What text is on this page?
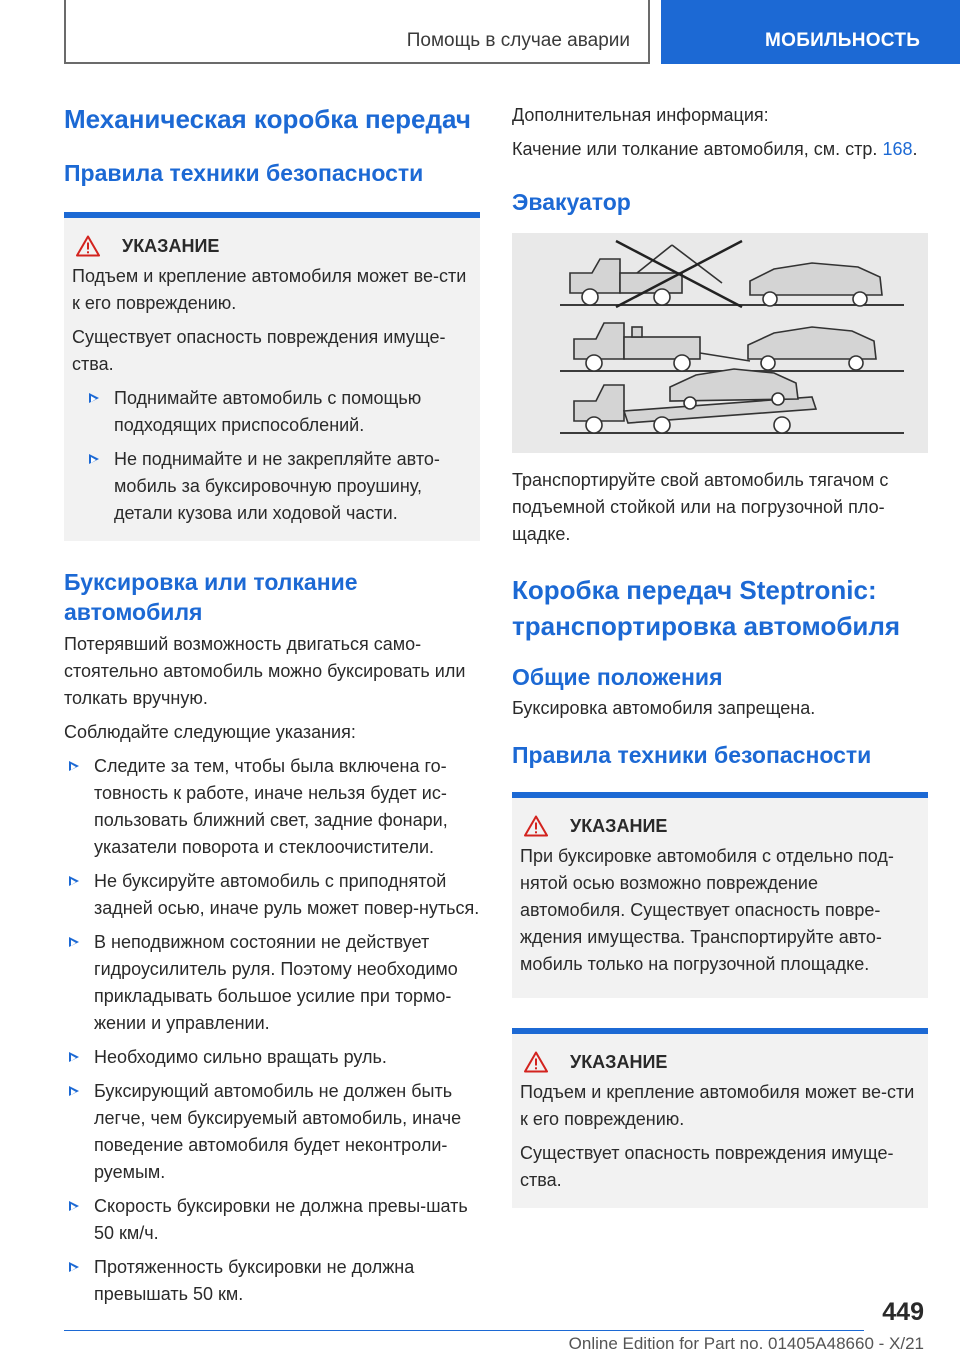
Помощь в случае аварии	МОБИЛЬНОСТЬ
Механическая коробка передач
Правила техники безопасности
УКАЗАНИЕ
Подъем и крепление автомобиля может ве-сти к его повреждению.
Существует опасность повреждения имуще-ства.
Поднимайте автомобиль с помощью подходящих приспособлений.
Не поднимайте и не закрепляйте авто-мобиль за буксировочную проушину, детали кузова или ходовой части.
Буксировка или толкание автомобиля
Потерявший возможность двигаться само-стоятельно автомобиль можно буксировать или толкать вручную.
Соблюдайте следующие указания:
Следите за тем, чтобы была включена го-товность к работе, иначе нельзя будет ис-пользовать ближний свет, задние фонари, указатели поворота и стеклоочистители.
Не буксируйте автомобиль с приподнятой задней осью, иначе руль может повер-нуться.
В неподвижном состоянии не действует гидроусилитель руля. Поэтому необходимо прикладывать большое усилие при тормо-жении и управлении.
Необходимо сильно вращать руль.
Буксирующий автомобиль не должен быть легче, чем буксируемый автомобиль, иначе поведение автомобиля будет неконтроли-руемым.
Скорость буксировки не должна превы-шать 50 км/ч.
Протяженность буксировки не должна превышать 50 км.
Дополнительная информация:
Качение или толкание автомобиля, см. стр. 168.
Эвакуатор
Транспортируйте свой автомобиль тягачом с подъемной стойкой или на погрузочной пло-щадке.
Коробка передач Steptronic: транспортировка автомобиля
Общие положения
Буксировка автомобиля запрещена.
Правила техники безопасности
УКАЗАНИЕ
При буксировке автомобиля с отдельно под-нятой осью возможно повреждение автомобиля. Существует опасность повре-ждения имущества. Транспортируйте авто-мобиль только на погрузочной площадке.
УКАЗАНИЕ
Подъем и крепление автомобиля может ве-сти к его повреждению.
Существует опасность повреждения имуще-ства.
449
Online Edition for Part no. 01405A48660 - X/21
